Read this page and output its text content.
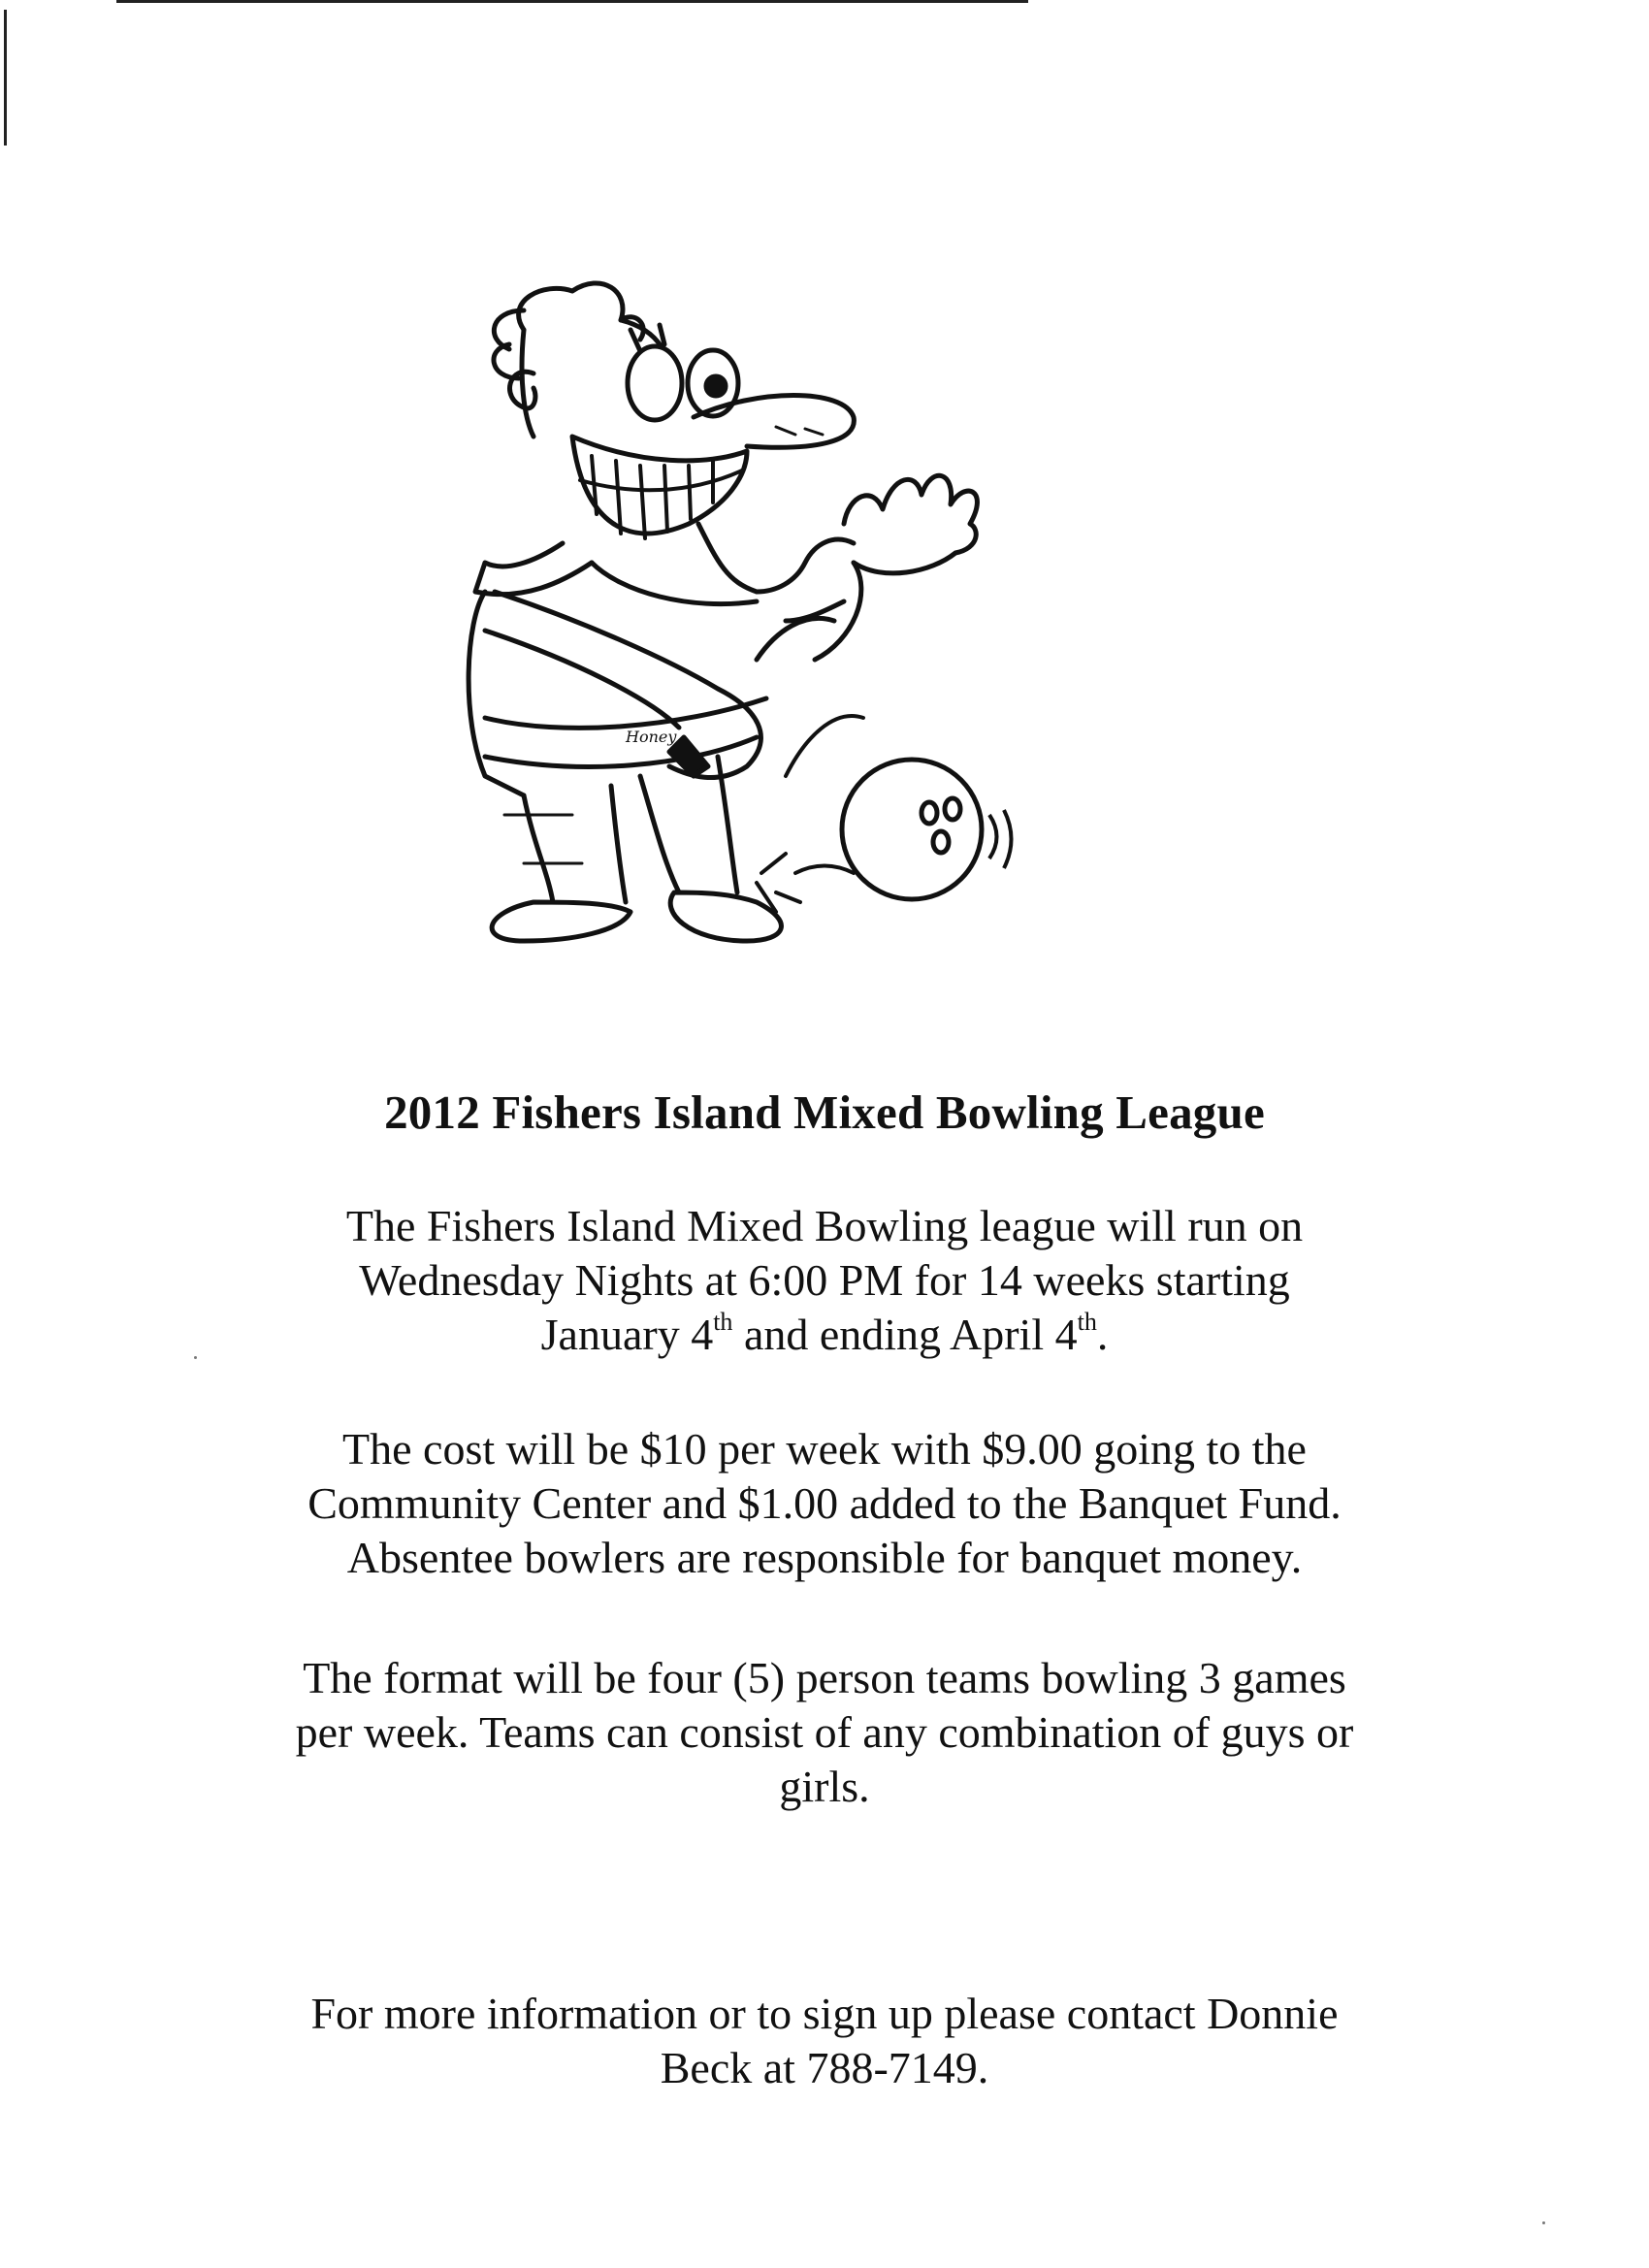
Honey
2012 Fishers Island Mixed Bowling League
The Fishers Island Mixed Bowling league will run on
Wednesday Nights at 6:00 PM for 14 weeks starting
January 4th and ending April 4th.
The cost will be $10 per week with $9.00 going to the
Community Center and $1.00 added to the Banquet Fund.
Absentee bowlers are responsible for banquet money.
The format will be four (5) person teams bowling 3 games
per week. Teams can consist of any combination of guys or
girls.
For more information or to sign up please contact Donnie
Beck at 788-7149.
